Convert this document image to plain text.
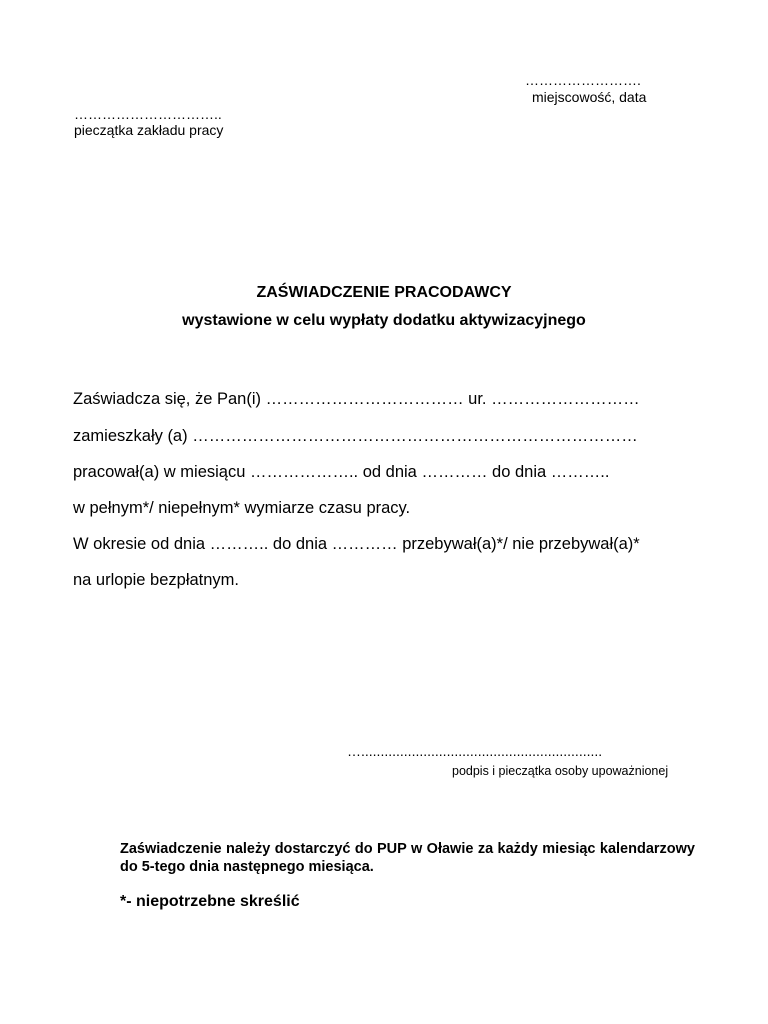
…………………….
miejscowość, data
…………………………..
pieczątka zakładu pracy
ZAŚWIADCZENIE PRACODAWCY
wystawione w celu wypłaty dodatku aktywizacyjnego
Zaświadcza się, że Pan(i) ……………………………… ur. ………………………
zamieszkały (a) ………………………………………………………………………
pracował(a) w miesiącu ……………….. od dnia ………… do dnia ………..
w pełnym*/ niepełnym* wymiarze czasu pracy.
W okresie od dnia ……….. do dnia ………… przebywał(a)*/ nie przebywał(a)*
na urlopie bezpłatnym.
…..............................................................
podpis i pieczątka osoby upoważnionej
Zaświadczenie należy dostarczyć do PUP w Oławie za każdy miesiąc kalendarzowy do 5-tego dnia następnego miesiąca.
*- niepotrzebne skreślić
